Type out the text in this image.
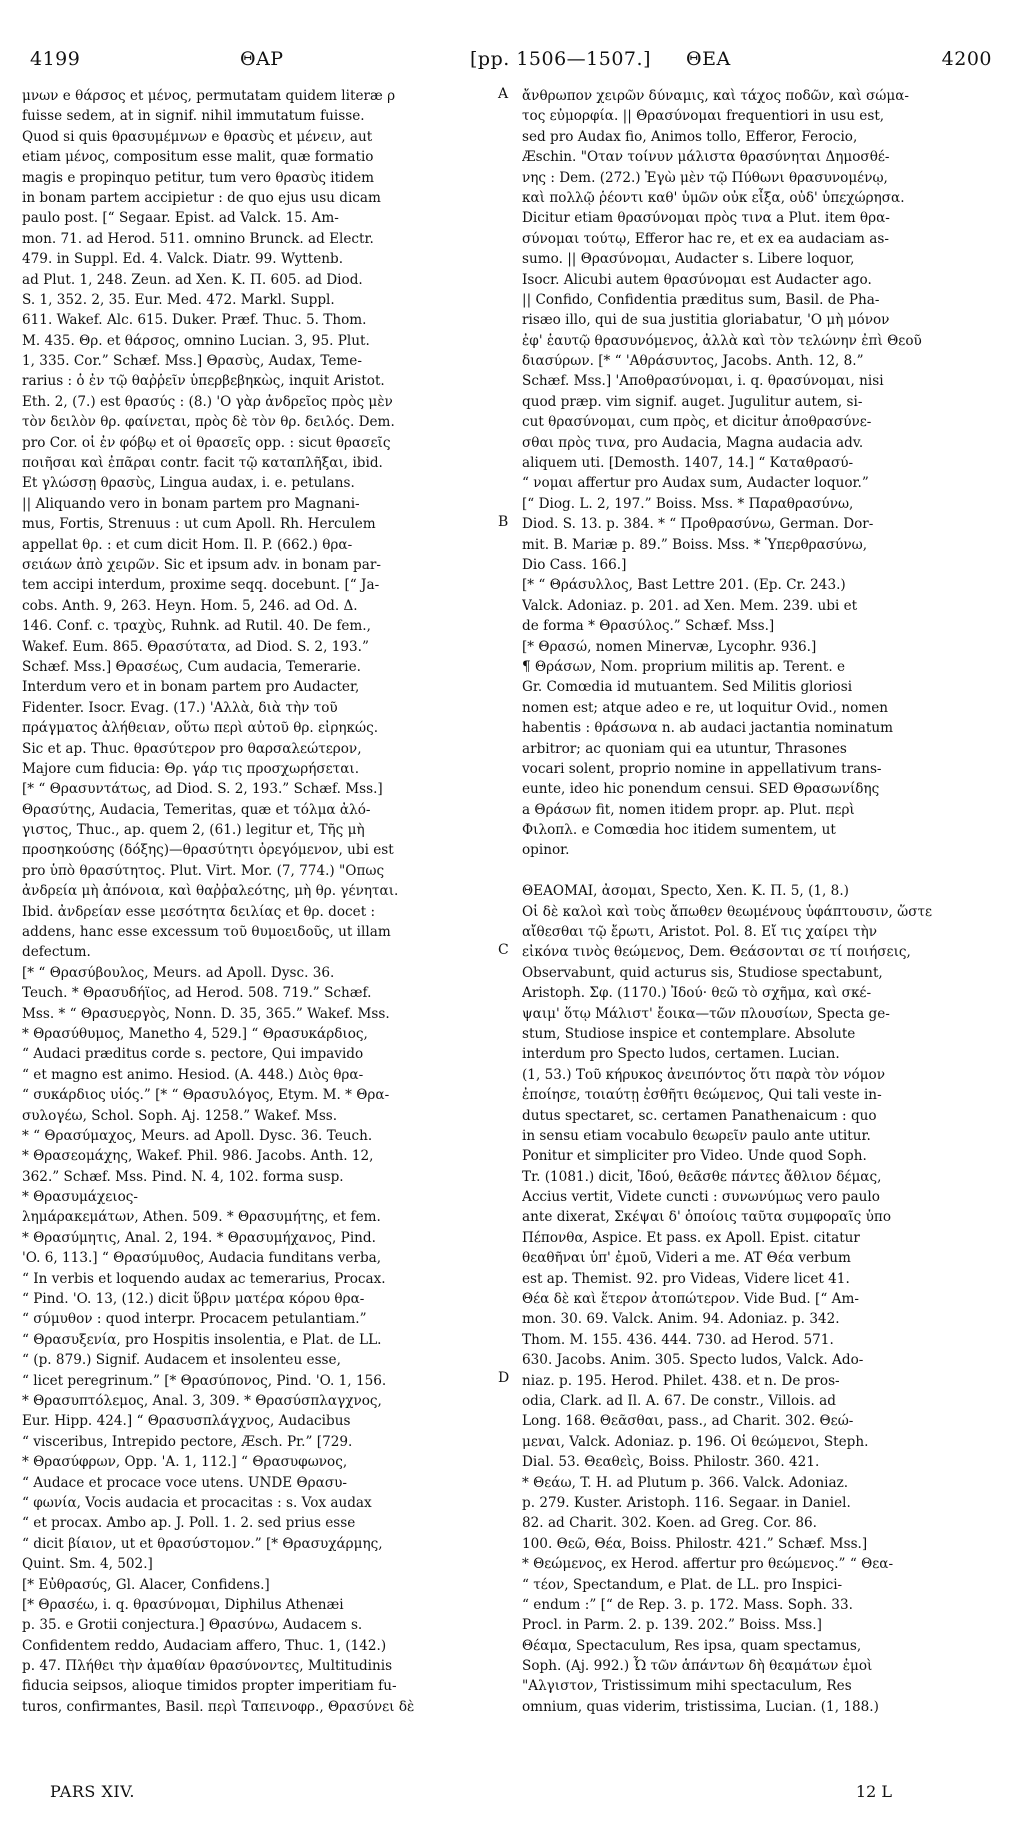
4199	ΘΑΡ	[pp. 1506—1507.] ΘΕΑ	4200
μνων e θάρσος et μένος, permutatam quidem literæ ρ
fuisse sedem, at in signif. nihil immutatum fuisse.
Quod si quis θρασυμέμνων e θρασὺς et μένειν, aut
etiam μένος, compositum esse malit, quæ formatio
magis e propinquo petitur, tum vero θρασὺς itidem
in bonam partem accipietur : de quo ejus usu dicam
paulo post. [“ Segaar. Epist. ad Valck. 15. Am-
mon. 71. ad Herod. 511. omnino Brunck. ad Electr.
479. in Suppl. Ed. 4. Valck. Diatr. 99. Wyttenb.
ad Plut. 1, 248. Zeun. ad Xen. K. Π. 605. ad Diod.
S. 1, 352. 2, 35. Eur. Med. 472. Markl. Suppl.
611. Wakef. Alc. 615. Duker. Præf. Thuc. 5. Thom.
M. 435. Θρ. et θάρσος, omnino Lucian. 3, 95. Plut.
1, 335. Cor.” Schæf. Mss.] Θρασὺς, Audax, Teme-
rarius : ὁ ἐν τῷ θαῤῥεῖν ὑπερβεβηκὼς, inquit Aristot.
Eth. 2, (7.) est θρασύς : (8.) 'Ο γὰρ ἀνδρεῖος πρὸς μὲν
τὸν δειλὸν θρ. φαίνεται, πρὸς δὲ τὸν θρ. δειλός. Dem.
pro Cor. οἱ ἐν φόβῳ et οἱ θρασεῖς opp. : sicut θρασεῖς
ποιῆσαι καὶ ἐπᾶραι contr. facit τῷ καταπλῆξαι, ibid.
Et γλώσσῃ θρασὺς, Lingua audax, i. e. petulans.
|| Aliquando vero in bonam partem pro Magnani-
mus, Fortis, Strenuus : ut cum Apoll. Rh. Herculem
appellat θρ. : et cum dicit Hom. Il. P. (662.) θρα-
σειάων ἀπὸ χειρῶν. Sic et ipsum adv. in bonam par-
tem accipi interdum, proxime seqq. docebunt. [“ Ja-
cobs. Anth. 9, 263. Heyn. Hom. 5, 246. ad Od. Δ.
146. Conf. c. τραχὺς, Ruhnk. ad Rutil. 40. De fem.,
Wakef. Eum. 865. Θρασύτατα, ad Diod. S. 2, 193.”
Schæf. Mss.] Θρασέως, Cum audacia, Temerarie.
Interdum vero et in bonam partem pro Audacter,
Fidenter. Isocr. Evag. (17.) 'Αλλὰ, διὰ τὴν τοῦ
πράγματος ἀλήθειαν, οὕτω περὶ αὐτοῦ θρ. εἰρηκώς.
Sic et ap. Thuc. θρασύτερον pro θαρσαλεώτερον,
Majore cum fiducia: Θρ. γάρ τις προσχωρήσεται.
[* “ Θρασυντάτως, ad Diod. S. 2, 193.” Schæf. Mss.]
Θρασύτης, Audacia, Temeritas, quæ et τόλμα ἀλό-
γιστος, Thuc., ap. quem 2, (61.) legitur et, Τῆς μὴ
προσηκούσης (δόξης)—θρασύτητι ὀρεγόμενον, ubi est
pro ὑπὸ θρασύτητος. Plut. Virt. Mor. (7, 774.) "Οπως
ἀνδρεία μὴ ἀπόνοια, καὶ θαῤῥαλεότης, μὴ θρ. γένηται.
Ibid. ἀνδρείαν esse μεσότητα δειλίας et θρ. docet :
addens, hanc esse excessum τοῦ θυμοειδοῦς, ut illam
defectum.
[* “ Θρασύβουλος, Meurs. ad Apoll. Dysc. 36.
Teuch. * Θρασυδήϊος, ad Herod. 508. 719.” Schæf.
Mss. * “ Θρασυεργὸς, Nonn. D. 35, 365.” Wakef. Mss.
* Θρασύθυμος, Manetho 4, 529.] “ Θρασυκάρδιος,
“ Audaci præditus corde s. pectore, Qui impavido
“ et magno est animo. Hesiod. (A. 448.) Διὸς θρα-
“ συκάρδιος υἱός.” [* “ Θρασυλόγος, Etym. M. * Θρα-
συλογέω, Schol. Soph. Aj. 1258.” Wakef. Mss.
* “ Θρασύμαχος, Meurs. ad Apoll. Dysc. 36. Teuch.
* Θρασεομάχης, Wakef. Phil. 986. Jacobs. Anth. 12,
362.” Schæf. Mss. Pind. N. 4, 102. forma susp.
* Θρασυμάχειος-
λημάρακεμάτων, Athen. 509. * Θρασυμήτης, et fem.
* Θρασύμητις, Anal. 2, 194. * Θρασυμήχανος, Pind.
'O. 6, 113.] “ Θρασύμυθος, Audacia funditans verba,
“ In verbis et loquendo audax ac temerarius, Procax.
“ Pind. 'O. 13, (12.) dicit ὕβριν ματέρα κόρου θρα-
“ σύμυθον : quod interpr. Procacem petulantiam.”
“ Θρασυξενία, pro Hospitis insolentia, e Plat. de LL.
“ (p. 879.) Signif. Audacem et insolenteu esse,
“ licet peregrinum.” [* Θρασύπονος, Pind. 'O. 1, 156.
* Θρασυπτόλεμος, Anal. 3, 309. * Θρασύσπλαγχνος,
Eur. Hipp. 424.] “ Θρασυσπλάγχνος, Audacibus
“ visceribus, Intrepido pectore, Æsch. Pr.” [729.
* Θρασύφρων, Opp. 'A. 1, 112.] “ Θρασυφωνος,
“ Audace et procace voce utens. UNDE Θρασυ-
“ φωνία, Vocis audacia et procacitas : s. Vox audax
“ et procax. Ambo ap. J. Poll. 1. 2. sed prius esse
“ dicit βίαιον, ut et θρασύστομον.” [* Θρασυχάρμης,
Quint. Sm. 4, 502.]
[* Εὐθρασύς, Gl. Alacer, Confidens.]
[* Θρασέω, i. q. θρασύνομαι, Diphilus Athenæi
p. 35. e Grotii conjectura.] Θρασύνω, Audacem s.
Confidentem reddo, Audaciam affero, Thuc. 1, (142.)
p. 47. Πλήθει τὴν ἀμαθίαν θρασύνοντες, Multitudinis
fiducia seipsos, alioque timidos propter imperitiam fu-
turos, confirmantes, Basil. περὶ Ταπεινοφρ., Θρασύνει δὲ
A
B
C
D
ἄνθρωπον χειρῶν δύναμις, καὶ τάχος ποδῶν, καὶ σώμα-
τος εὐμορφία. || Θρασύνομαι frequentiori in usu est,
sed pro Audax fio, Animos tollo, Efferor, Ferocio,
Æschin. "Οταν τοίνυν μάλιστα θρασύνηται Δημοσθέ-
νης : Dem. (272.) Ἐγὼ μὲν τῷ Πύθωνι θρασυνομένῳ,
καὶ πολλῷ ῥέοντι καθ' ὑμῶν οὐκ εἶξα, οὐδ' ὑπεχώρησα.
Dicitur etiam θρασύνομαι πρὸς τινα a Plut. item θρα-
σύνομαι τούτῳ, Efferor hac re, et ex ea audaciam as-
sumo. || Θρασύνομαι, Audacter s. Libere loquor,
Isocr. Alicubi autem θρασύνομαι est Audacter ago.
|| Confido, Confidentia præditus sum, Basil. de Pha-
risæo illo, qui de sua justitia gloriabatur, 'Ο μὴ μόνον
ἐφ' ἑαυτῷ θρασυνόμενος, ἀλλὰ καὶ τὸν τελώνην ἐπὶ Θεοῦ
διασύρων. [* “ 'Αθράσυντος, Jacobs. Anth. 12, 8.”
Schæf. Mss.] 'Αποθρασύνομαι, i. q. θρασύνομαι, nisi
quod præp. vim signif. auget. Jugulitur autem, si-
cut θρασύνομαι, cum πρὸς, et dicitur ἀποθρασύνε-
σθαι πρὸς τινα, pro Audacia, Magna audacia adv.
aliquem uti. [Demosth. 1407, 14.] “ Καταθρασύ-
“ νομαι affertur pro Audax sum, Audacter loquor.”
[“ Diog. L. 2, 197.” Boiss. Mss. * Παραθρασύνω,
Diod. S. 13. p. 384. * “ Προθρασύνω, German. Dor-
mit. B. Mariæ p. 89.” Boiss. Mss. * Ὑπερθρασύνω,
Dio Cass. 166.]
[* “ Θράσυλλος, Bast Lettre 201. (Ep. Cr. 243.)
Valck. Adoniaz. p. 201. ad Xen. Mem. 239. ubi et
de forma * Θρασύλος.” Schæf. Mss.]
[* Θρασώ, nomen Minervæ, Lycophr. 936.]
¶ Θράσων, Nom. proprium militis ap. Terent. e
Gr. Comœdia id mutuantem. Sed Militis gloriosi
nomen est; atque adeo e re, ut loquitur Ovid., nomen
habentis : θράσωνα n. ab audaci jactantia nominatum
arbitror; ac quoniam qui ea utuntur, Thrasones
vocari solent, proprio nomine in appellativum trans-
eunte, ideo hic ponendum censui. SED Θρασωνίδης
a Θράσων fit, nomen itidem propr. ap. Plut. περὶ
Φιλοπλ. e Comœdia hoc itidem sumentem, ut
opinor.
ΘΕΑΟΜΑΙ, ἀσομαι, Specto, Xen. K. Π. 5, (1, 8.)
Οἱ δὲ καλοὶ καὶ τοὺς ἄπωθεν θεωμένους ὑφάπτουσιν, ὥστε
αἴθεσθαι τῷ ἔρωτι, Aristot. Pol. 8. Εἴ τις χαίρει τὴν
εἰκόνα τινὸς θεώμενος, Dem. Θεάσονται σε τί ποιήσεις,
Observabunt, quid acturus sis, Studiose spectabunt,
Aristoph. Σφ. (1170.) Ἰδού· θεῶ τὸ σχῆμα, καὶ σκέ-
ψαιμ' ὅτῳ Μάλιστ' ἔοικα—τῶν πλουσίων, Specta ge-
stum, Studiose inspice et contemplare. Absolute
interdum pro Specto ludos, certamen. Lucian.
(1, 53.) Τοῦ κήρυκος ἀνειπόντος ὅτι παρὰ τὸν νόμον
ἐποίησε, τοιαύτῃ ἐσθῆτι θεώμενος, Qui tali veste in-
dutus spectaret, sc. certamen Panathenaicum : quo
in sensu etiam vocabulo θεωρεῖν paulo ante utitur.
Ponitur et simpliciter pro Video. Unde quod Soph.
Tr. (1081.) dicit, Ἰδού, θεᾶσθε πάντες ἄθλιον δέμας,
Accius vertit, Videte cuncti : συνωνύμως vero paulo
ante dixerat, Σκέψαι δ' ὁποίοις ταῦτα συμφοραῖς ὑπο
Πέπονθα, Aspice. Et pass. ex Apoll. Epist. citatur
θεαθῆναι ὑπ' ἐμοῦ, Videri a me. AT Θέα verbum
est ap. Themist. 92. pro Videas, Videre licet 41.
Θέα δὲ καὶ ἕτερον ἀτοπώτερον. Vide Bud. [“ Am-
mon. 30. 69. Valck. Anim. 94. Adoniaz. p. 342.
Thom. M. 155. 436. 444. 730. ad Herod. 571.
630. Jacobs. Anim. 305. Specto ludos, Valck. Ado-
niaz. p. 195. Herod. Philet. 438. et n. De pros-
odia, Clark. ad Il. A. 67. De constr., Villois. ad
Long. 168. Θεᾶσθαι, pass., ad Charit. 302. Θεώ-
μεναι, Valck. Adoniaz. p. 196. Οἱ θεώμενοι, Steph.
Dial. 53. Θεαθεὶς, Boiss. Philostr. 360. 421.
* Θεάω, T. H. ad Plutum p. 366. Valck. Adoniaz.
p. 279. Kuster. Aristoph. 116. Segaar. in Daniel.
82. ad Charit. 302. Koen. ad Greg. Cor. 86.
100. Θεῶ, Θέα, Boiss. Philostr. 421.” Schæf. Mss.]
* Θεώμενος, ex Herod. affertur pro θεώμενος.” “ Θεα-
“ τέον, Spectandum, e Plat. de LL. pro Inspici-
“ endum :” [“ de Rep. 3. p. 172. Mass. Soph. 33.
Procl. in Parm. 2. p. 139. 202.” Boiss. Mss.]
Θέαμα, Spectaculum, Res ipsa, quam spectamus,
Soph. (Aj. 992.) Ὦ τῶν ἁπάντων δὴ θεαμάτων ἐμοὶ
"Αλγιστον, Tristissimum mihi spectaculum, Res
omnium, quas viderim, tristissima, Lucian. (1, 188.)
PARS XIV.	12 L
